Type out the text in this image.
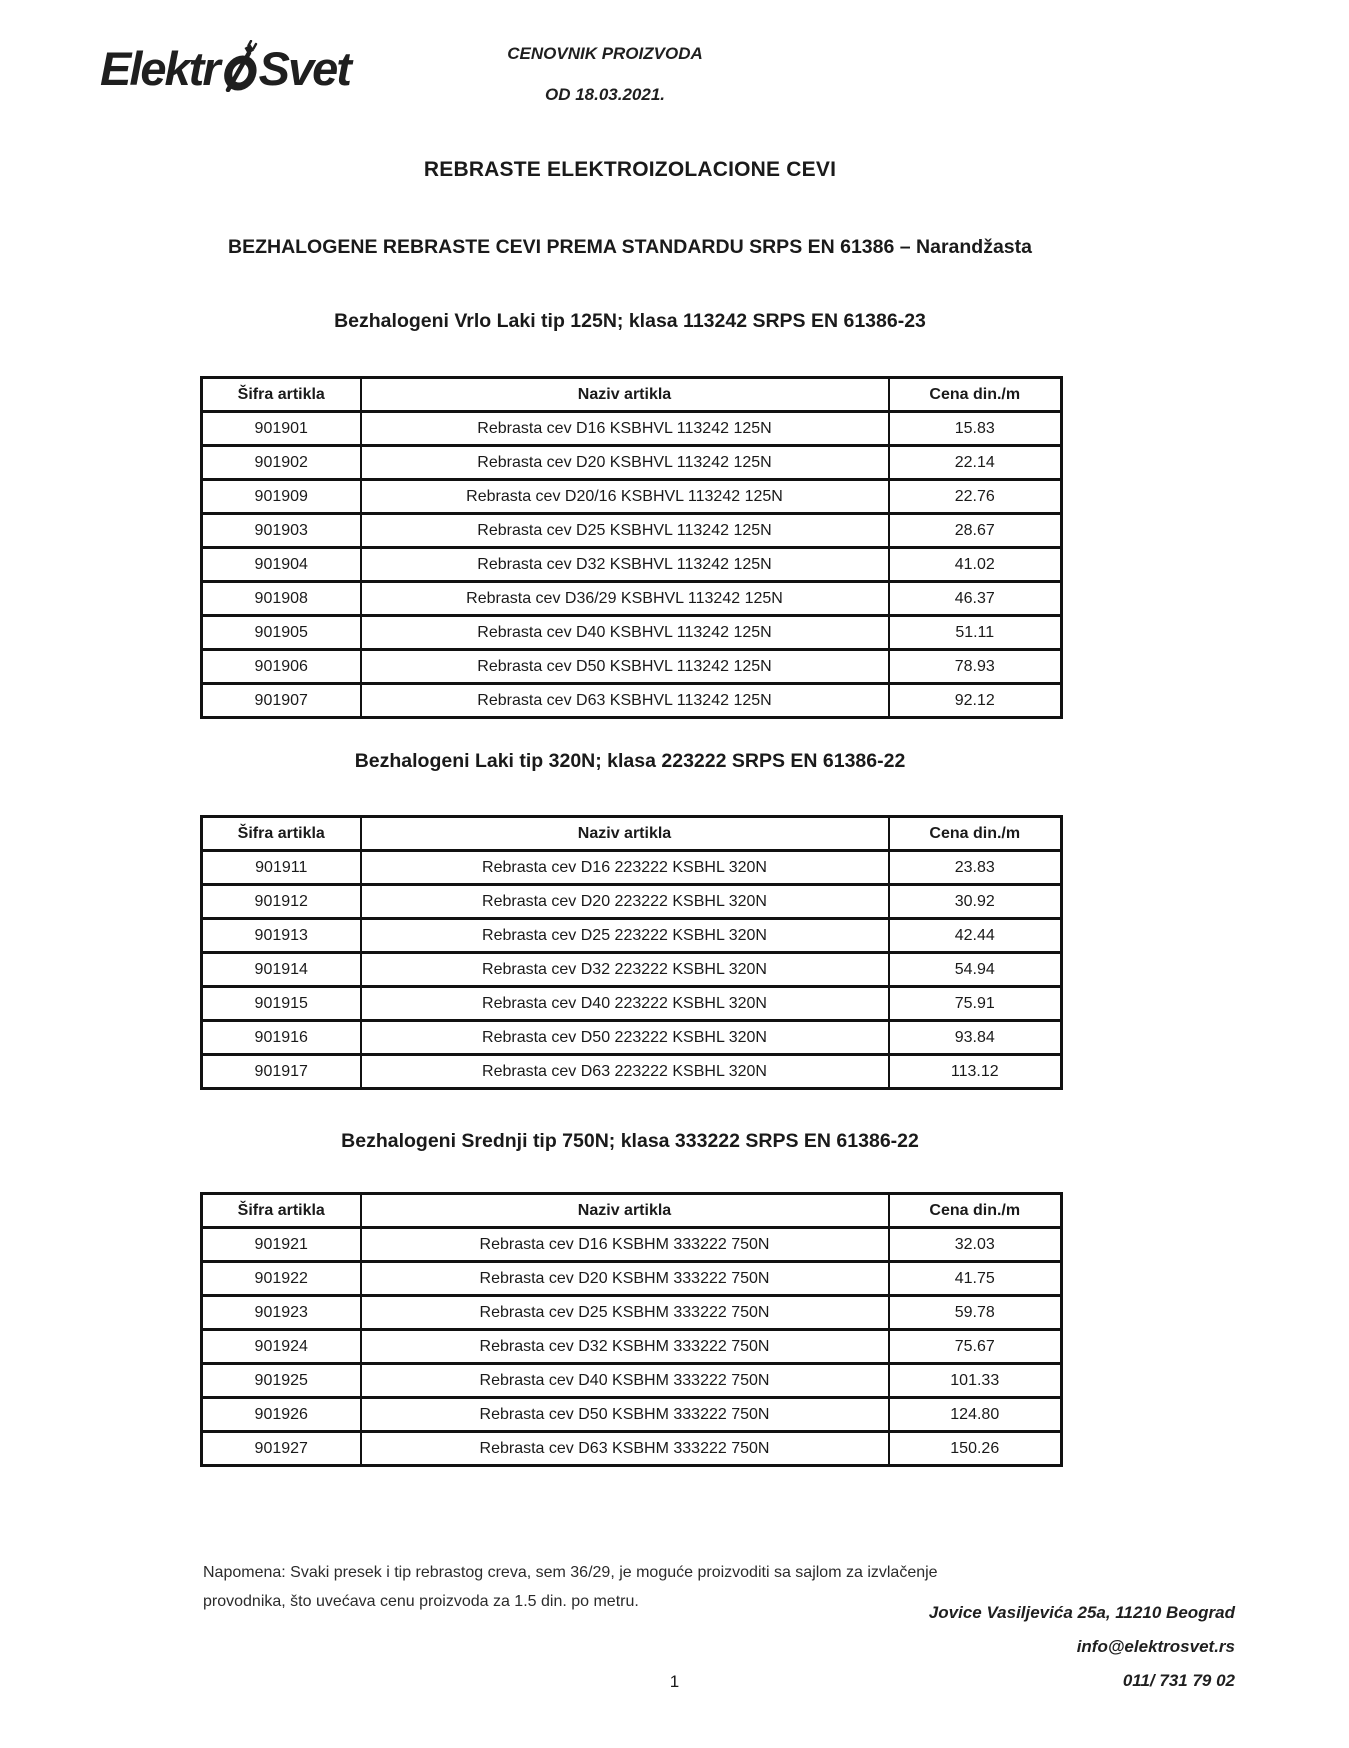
Elektr Svet	CENOVNIK PROIZVODA
OD 18.03.2021.
REBRASTE ELEKTROIZOLACIONE CEVI
BEZHALOGENE REBRASTE CEVI PREMA STANDARDU SRPS EN 61386 – Narandžasta
Bezhalogeni Vrlo Laki tip 125N; klasa 113242 SRPS EN 61386-23
Šifra artikla	Naziv artikla	Cena din./m
901901	Rebrasta cev D16 KSBHVL 113242 125N	15.83
901902	Rebrasta cev D20 KSBHVL 113242 125N	22.14
901909	Rebrasta cev D20/16 KSBHVL 113242 125N	22.76
901903	Rebrasta cev D25 KSBHVL 113242 125N	28.67
901904	Rebrasta cev D32 KSBHVL 113242 125N	41.02
901908	Rebrasta cev D36/29 KSBHVL 113242 125N	46.37
901905	Rebrasta cev D40 KSBHVL 113242 125N	51.11
901906	Rebrasta cev D50 KSBHVL 113242 125N	78.93
901907	Rebrasta cev D63 KSBHVL 113242 125N	92.12
Bezhalogeni Laki tip 320N; klasa 223222 SRPS EN 61386-22
Šifra artikla	Naziv artikla	Cena din./m
901911	Rebrasta cev D16 223222 KSBHL 320N	23.83
901912	Rebrasta cev D20 223222 KSBHL 320N	30.92
901913	Rebrasta cev D25 223222 KSBHL 320N	42.44
901914	Rebrasta cev D32 223222 KSBHL 320N	54.94
901915	Rebrasta cev D40 223222 KSBHL 320N	75.91
901916	Rebrasta cev D50 223222 KSBHL 320N	93.84
901917	Rebrasta cev D63 223222 KSBHL 320N	113.12
Bezhalogeni Srednji tip 750N; klasa 333222 SRPS EN 61386-22
Šifra artikla	Naziv artikla	Cena din./m
901921	Rebrasta cev D16 KSBHM 333222 750N	32.03
901922	Rebrasta cev D20 KSBHM 333222 750N	41.75
901923	Rebrasta cev D25 KSBHM 333222 750N	59.78
901924	Rebrasta cev D32 KSBHM 333222 750N	75.67
901925	Rebrasta cev D40 KSBHM 333222 750N	101.33
901926	Rebrasta cev D50 KSBHM 333222 750N	124.80
901927	Rebrasta cev D63 KSBHM 333222 750N	150.26
Napomena: Svaki presek i tip rebrastog creva, sem 36/29, je moguće proizvoditi sa sajlom za izvlačenje
provodnika, što uvećava cenu proizvoda za 1.5 din. po metru.
Jovice Vasiljevića 25a, 11210 Beograd
info@elektrosvet.rs
011/ 731 79 02
1
